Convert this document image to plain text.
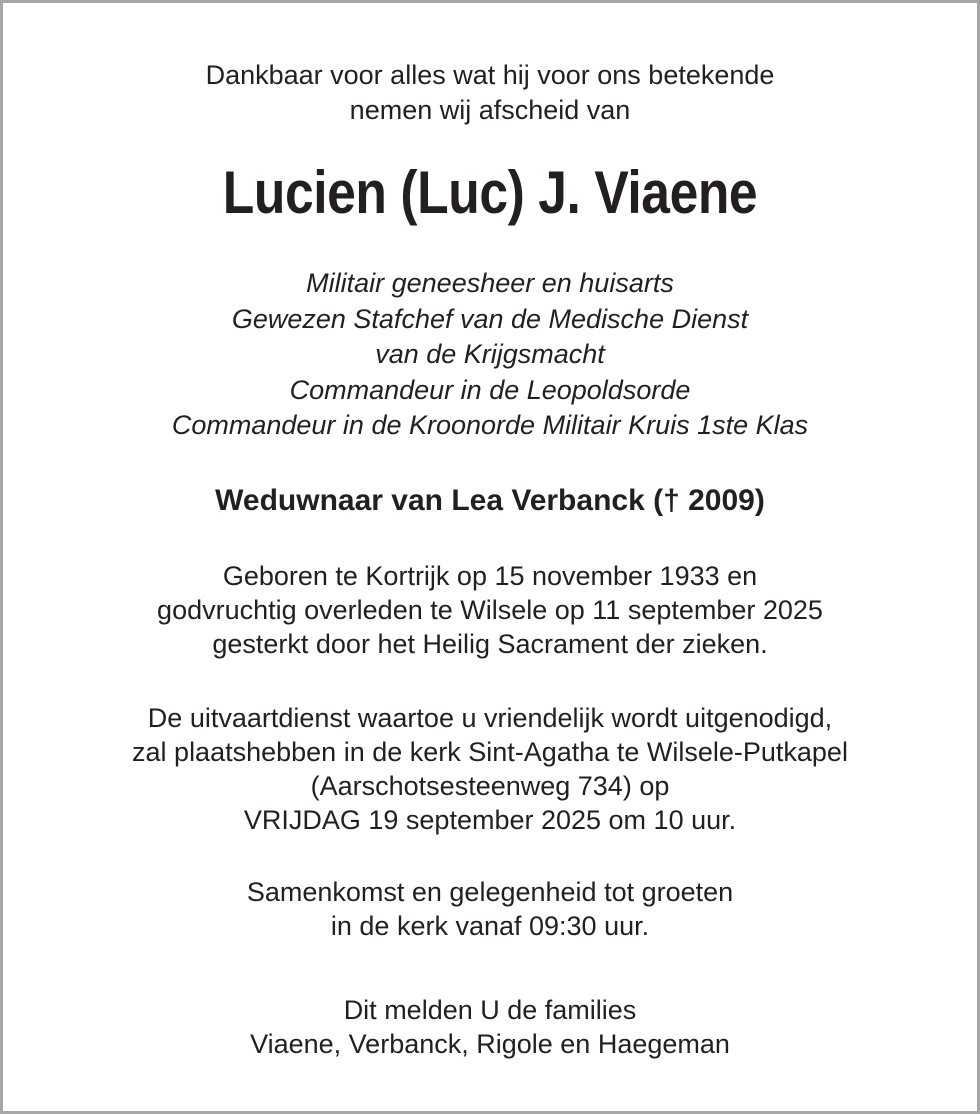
Dankbaar voor alles wat hij voor ons betekende
nemen wij afscheid van
Lucien (Luc) J. Viaene
Militair geneesheer en huisarts
Gewezen Stafchef van de Medische Dienst
van de Krijgsmacht
Commandeur in de Leopoldsorde
Commandeur in de Kroonorde Militair Kruis 1ste Klas
Weduwnaar van Lea Verbanck († 2009)
Geboren te Kortrijk op 15 november 1933 en
godvruchtig overleden te Wilsele op 11 september 2025
gesterkt door het Heilig Sacrament der zieken.
De uitvaartdienst waartoe u vriendelijk wordt uitgenodigd,
zal plaatshebben in de kerk Sint-Agatha te Wilsele-Putkapel
(Aarschotsesteenweg 734) op
VRIJDAG 19 september 2025 om 10 uur.
Samenkomst en gelegenheid tot groeten
in de kerk vanaf 09:30 uur.
Dit melden U de families
Viaene, Verbanck, Rigole en Haegeman
